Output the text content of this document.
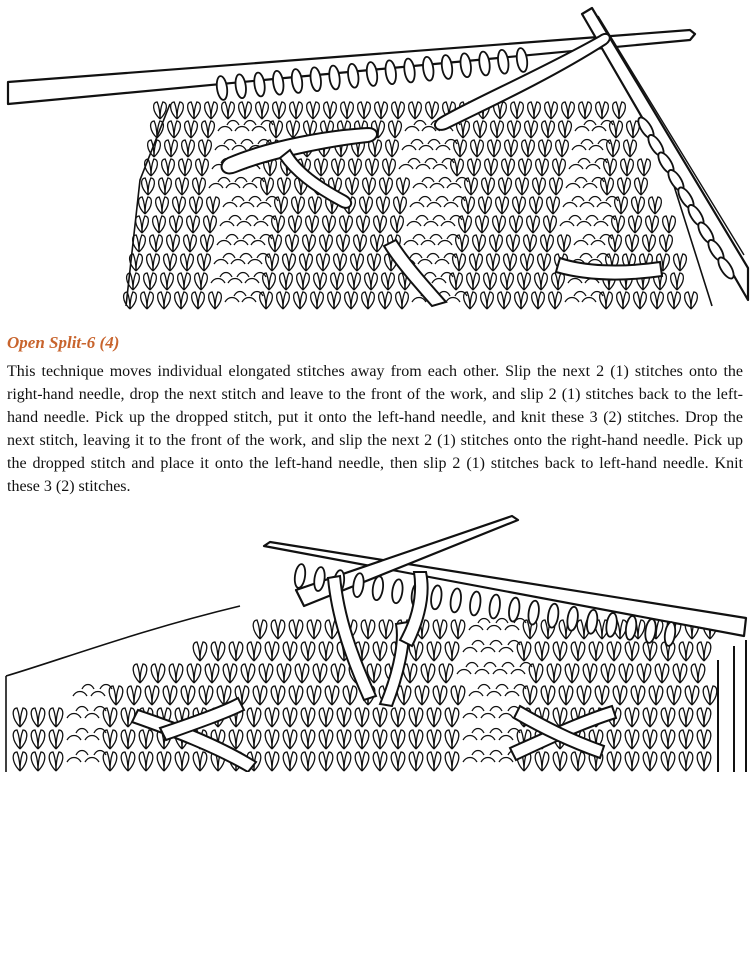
Open Split-6 (4)

This technique moves individual elongated stitches away from each other. Slip the next 2 (1) stitches onto the right-hand needle, drop the next stitch and leave to the front of the work, and slip 2 (1) stitches back to the left-hand needle. Pick up the dropped stitch, put it onto the left-hand needle, and knit these 3 (2) stitches. Drop the next stitch, leaving it to the front of the work, and slip the next 2 (1) stitches onto the right-hand needle. Pick up the dropped stitch and place it onto the left-hand needle, then slip 2 (1) stitches back to left-hand needle. Knit these 3 (2) stitches.
